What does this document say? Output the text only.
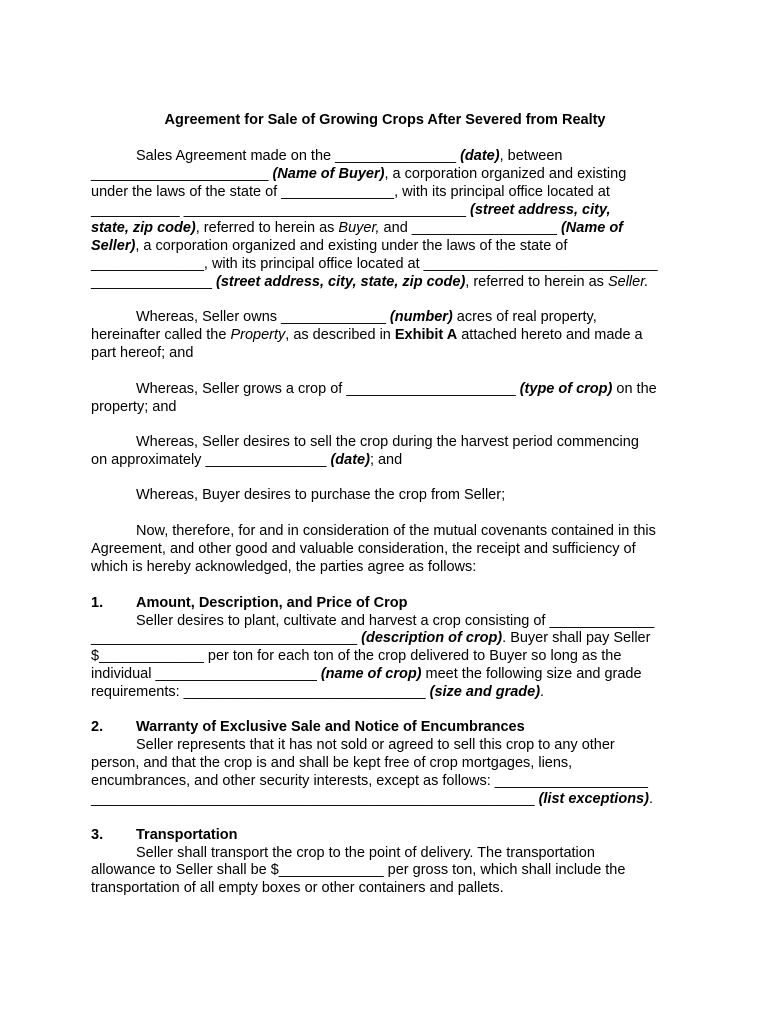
Agreement for Sale of Growing Crops After Severed from Realty
Sales Agreement made on the _______________ (date), between
______________________ (Name of Buyer), a corporation organized and existing
under the laws of the state of ______________, with its principal office located at
___________ ___________________________________ (street address, city,
state, zip code), referred to herein as Buyer, and __________________ (Name of
Seller), a corporation organized and existing under the laws of the state of
______________, with its principal office located at _____________________________
_______________ (street address, city, state, zip code), referred to herein as Seller.
Whereas, Seller owns _____________ (number) acres of real property,
hereinafter called the Property, as described in Exhibit A attached hereto and made a
part hereof; and
Whereas, Seller grows a crop of _____________________ (type of crop) on the
property; and
Whereas, Seller desires to sell the crop during the harvest period commencing
on approximately _______________ (date); and
Whereas, Buyer desires to purchase the crop from Seller;
Now, therefore, for and in consideration of the mutual covenants contained in this
Agreement, and other good and valuable consideration, the receipt and sufficiency of
which is hereby acknowledged, the parties agree as follows:
1. Amount, Description, and Price of Crop
Seller desires to plant, cultivate and harvest a crop consisting of _____________
_________________________________ (description of crop). Buyer shall pay Seller
$_____________ per ton for each ton of the crop delivered to Buyer so long as the
individual ____________________ (name of crop) meet the following size and grade
requirements: ______________________________ (size and grade).
2. Warranty of Exclusive Sale and Notice of Encumbrances
Seller represents that it has not sold or agreed to sell this crop to any other
person, and that the crop is and shall be kept free of crop mortgages, liens,
encumbrances, and other security interests, except as follows: ___________________
_______________________________________________________ (list exceptions).
3. Transportation
Seller shall transport the crop to the point of delivery. The transportation
allowance to Seller shall be $_____________ per gross ton, which shall include the
transportation of all empty boxes or other containers and pallets.
